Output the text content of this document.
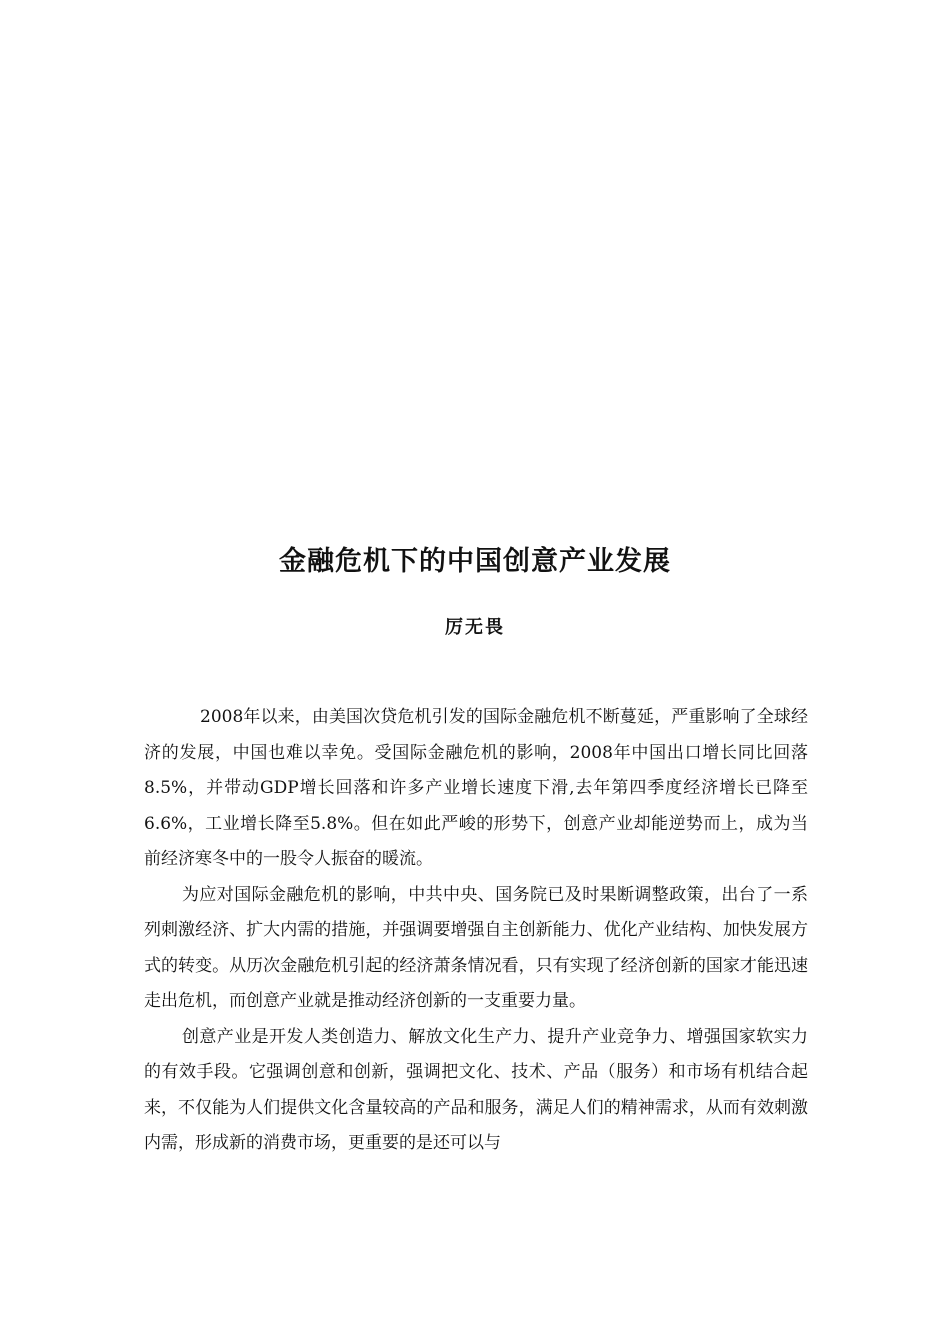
金融危机下的中国创意产业发展
厉无畏

2008年以来，由美国次贷危机引发的国际金融危机不断蔓延，严重影响了全球经济的发展，中国也难以幸免。受国际金融危机的影响，2008年中国出口增长同比回落8.5%，并带动GDP增长回落和许多产业增长速度下滑,去年第四季度经济增长已降至6.6%，工业增长降至5.8%。但在如此严峻的形势下，创意产业却能逆势而上，成为当前经济寒冬中的一股令人振奋的暖流。

为应对国际金融危机的影响，中共中央、国务院已及时果断调整政策，出台了一系列刺激经济、扩大内需的措施，并强调要增强自主创新能力、优化产业结构、加快发展方式的转变。从历次金融危机引起的经济萧条情况看，只有实现了经济创新的国家才能迅速走出危机，而创意产业就是推动经济创新的一支重要力量。

创意产业是开发人类创造力、解放文化生产力、提升产业竞争力、增强国家软实力的有效手段。它强调创意和创新，强调把文化、技术、产品（服务）和市场有机结合起来，不仅能为人们提供文化含量较高的产品和服务，满足人们的精神需求，从而有效刺激内需，形成新的消费市场，更重要的是还可以与
